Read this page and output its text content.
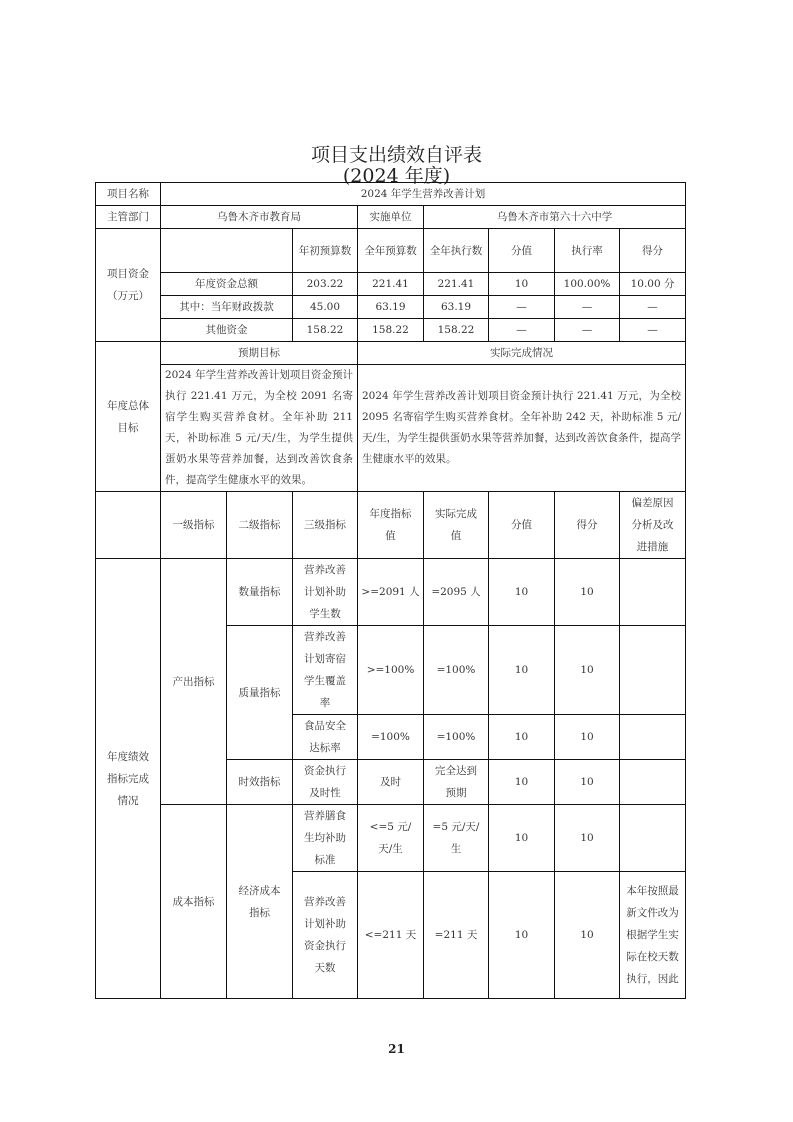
项目支出绩效自评表
(2024 年度)
项目名称	2024 年学生营养改善计划							
主管部门	乌鲁木齐市教育局			实施单位	乌鲁木齐市第六十六中学			

项目资金（万元）			年初预算数	全年预算数	全年执行数	分值	执行率	得分
	年度资金总额		203.22	221.41	221.41	10	100.00%	10.00 分
	其中：当年财政拨款		45.00	63.19	63.19	—	—	—
	其他资金		158.22	158.22	158.22	—	—	—

年度总体目标	预期目标			实际完成情况				
	2024 年学生营养改善计划项目资金预计执行 221.41 万元，为全校 2091 名寄宿学生购买营养食材。全年补助 211 天，补助标准 5 元/天/生，为学生提供蛋奶水果等营养加餐，达到改善饮食条件，提高学生健康水平的效果。			2024 年学生营养改善计划项目资金预计执行 221.41 万元，为全校 2095 名寄宿学生购买营养食材。全年补助 242 天，补助标准 5 元/天/生，为学生提供蛋奶水果等营养加餐，达到改善饮食条件，提高学生健康水平的效果。				
	一级指标	二级指标	三级指标	年度指标值	实际完成值	分值	得分	偏差原因分析及改进措施

年度绩效指标完成情况	产出指标	数量指标	营养改善计划补助学生数	>=2091 人	=2095 人	10	10	
		质量指标	营养改善计划寄宿学生覆盖率	>=100%	=100%	10	10	

			食品安全达标率	=100%	=100%	10	10	
		时效指标	资金执行及时性	及时	完全达到预期	10	10	
	成本指标	经济成本指标	营养膳食生均补助标准	<=5 元/天/生	=5 元/天/生	10	10	

			营养改善计划补助资金执行天数	<=211 天	=211 天	10	10	本年按照最新文件改为根据学生实际在校天数执行，因此
21
